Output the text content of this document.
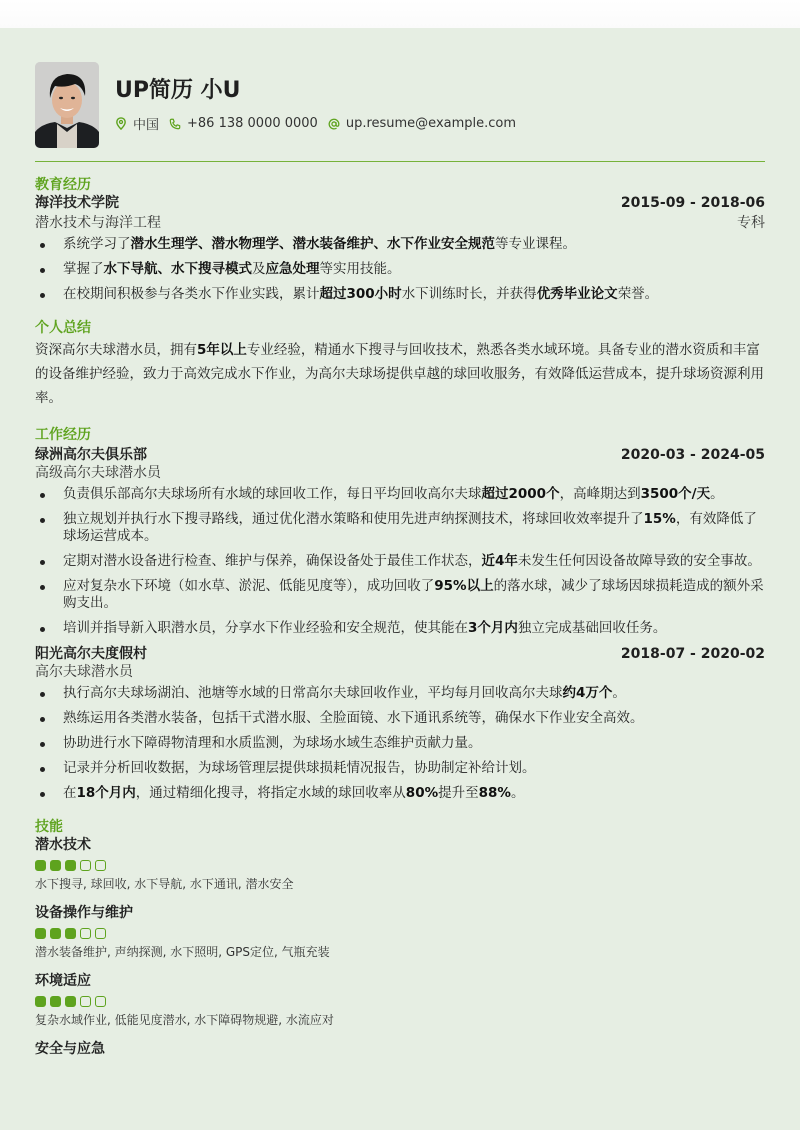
UP简历 小U
中国 +86 138 0000 0000 up.resume@example.com
教育经历
海洋技术学院	2015-09 - 2018-06
潜水技术与海洋工程	专科
系统学习了潜水生理学、潜水物理学、潜水装备维护、水下作业安全规范等专业课程。
掌握了水下导航、水下搜寻模式及应急处理等实用技能。
在校期间积极参与各类水下作业实践，累计超过300小时水下训练时长，并获得优秀毕业论文荣誉。
个人总结
资深高尔夫球潜水员，拥有5年以上专业经验，精通水下搜寻与回收技术，熟悉各类水域环境。具备专业的潜水资质和丰富的设备维护经验，致力于高效完成水下作业，为高尔夫球场提供卓越的球回收服务，有效降低运营成本，提升球场资源利用率。
工作经历
绿洲高尔夫俱乐部	2020-03 - 2024-05
高级高尔夫球潜水员
负责俱乐部高尔夫球场所有水域的球回收工作，每日平均回收高尔夫球超过2000个，高峰期达到3500个/天。
独立规划并执行水下搜寻路线，通过优化潜水策略和使用先进声纳探测技术，将球回收效率提升了15%，有效降低了球场运营成本。
定期对潜水设备进行检查、维护与保养，确保设备处于最佳工作状态，近4年未发生任何因设备故障导致的安全事故。
应对复杂水下环境（如水草、淤泥、低能见度等），成功回收了95%以上的落水球，减少了球场因球损耗造成的额外采购支出。
培训并指导新入职潜水员，分享水下作业经验和安全规范，使其能在3个月内独立完成基础回收任务。
阳光高尔夫度假村	2018-07 - 2020-02
高尔夫球潜水员
执行高尔夫球场湖泊、池塘等水域的日常高尔夫球回收作业，平均每月回收高尔夫球约4万个。
熟练运用各类潜水装备，包括干式潜水服、全脸面镜、水下通讯系统等，确保水下作业安全高效。
协助进行水下障碍物清理和水质监测，为球场水域生态维护贡献力量。
记录并分析回收数据，为球场管理层提供球损耗情况报告，协助制定补给计划。
在18个月内，通过精细化搜寻，将指定水域的球回收率从80%提升至88%。
技能
潜水技术
水下搜寻, 球回收, 水下导航, 水下通讯, 潜水安全
设备操作与维护
潜水装备维护, 声纳探测, 水下照明, GPS定位, 气瓶充装
环境适应
复杂水域作业, 低能见度潜水, 水下障碍物规避, 水流应对
安全与应急
